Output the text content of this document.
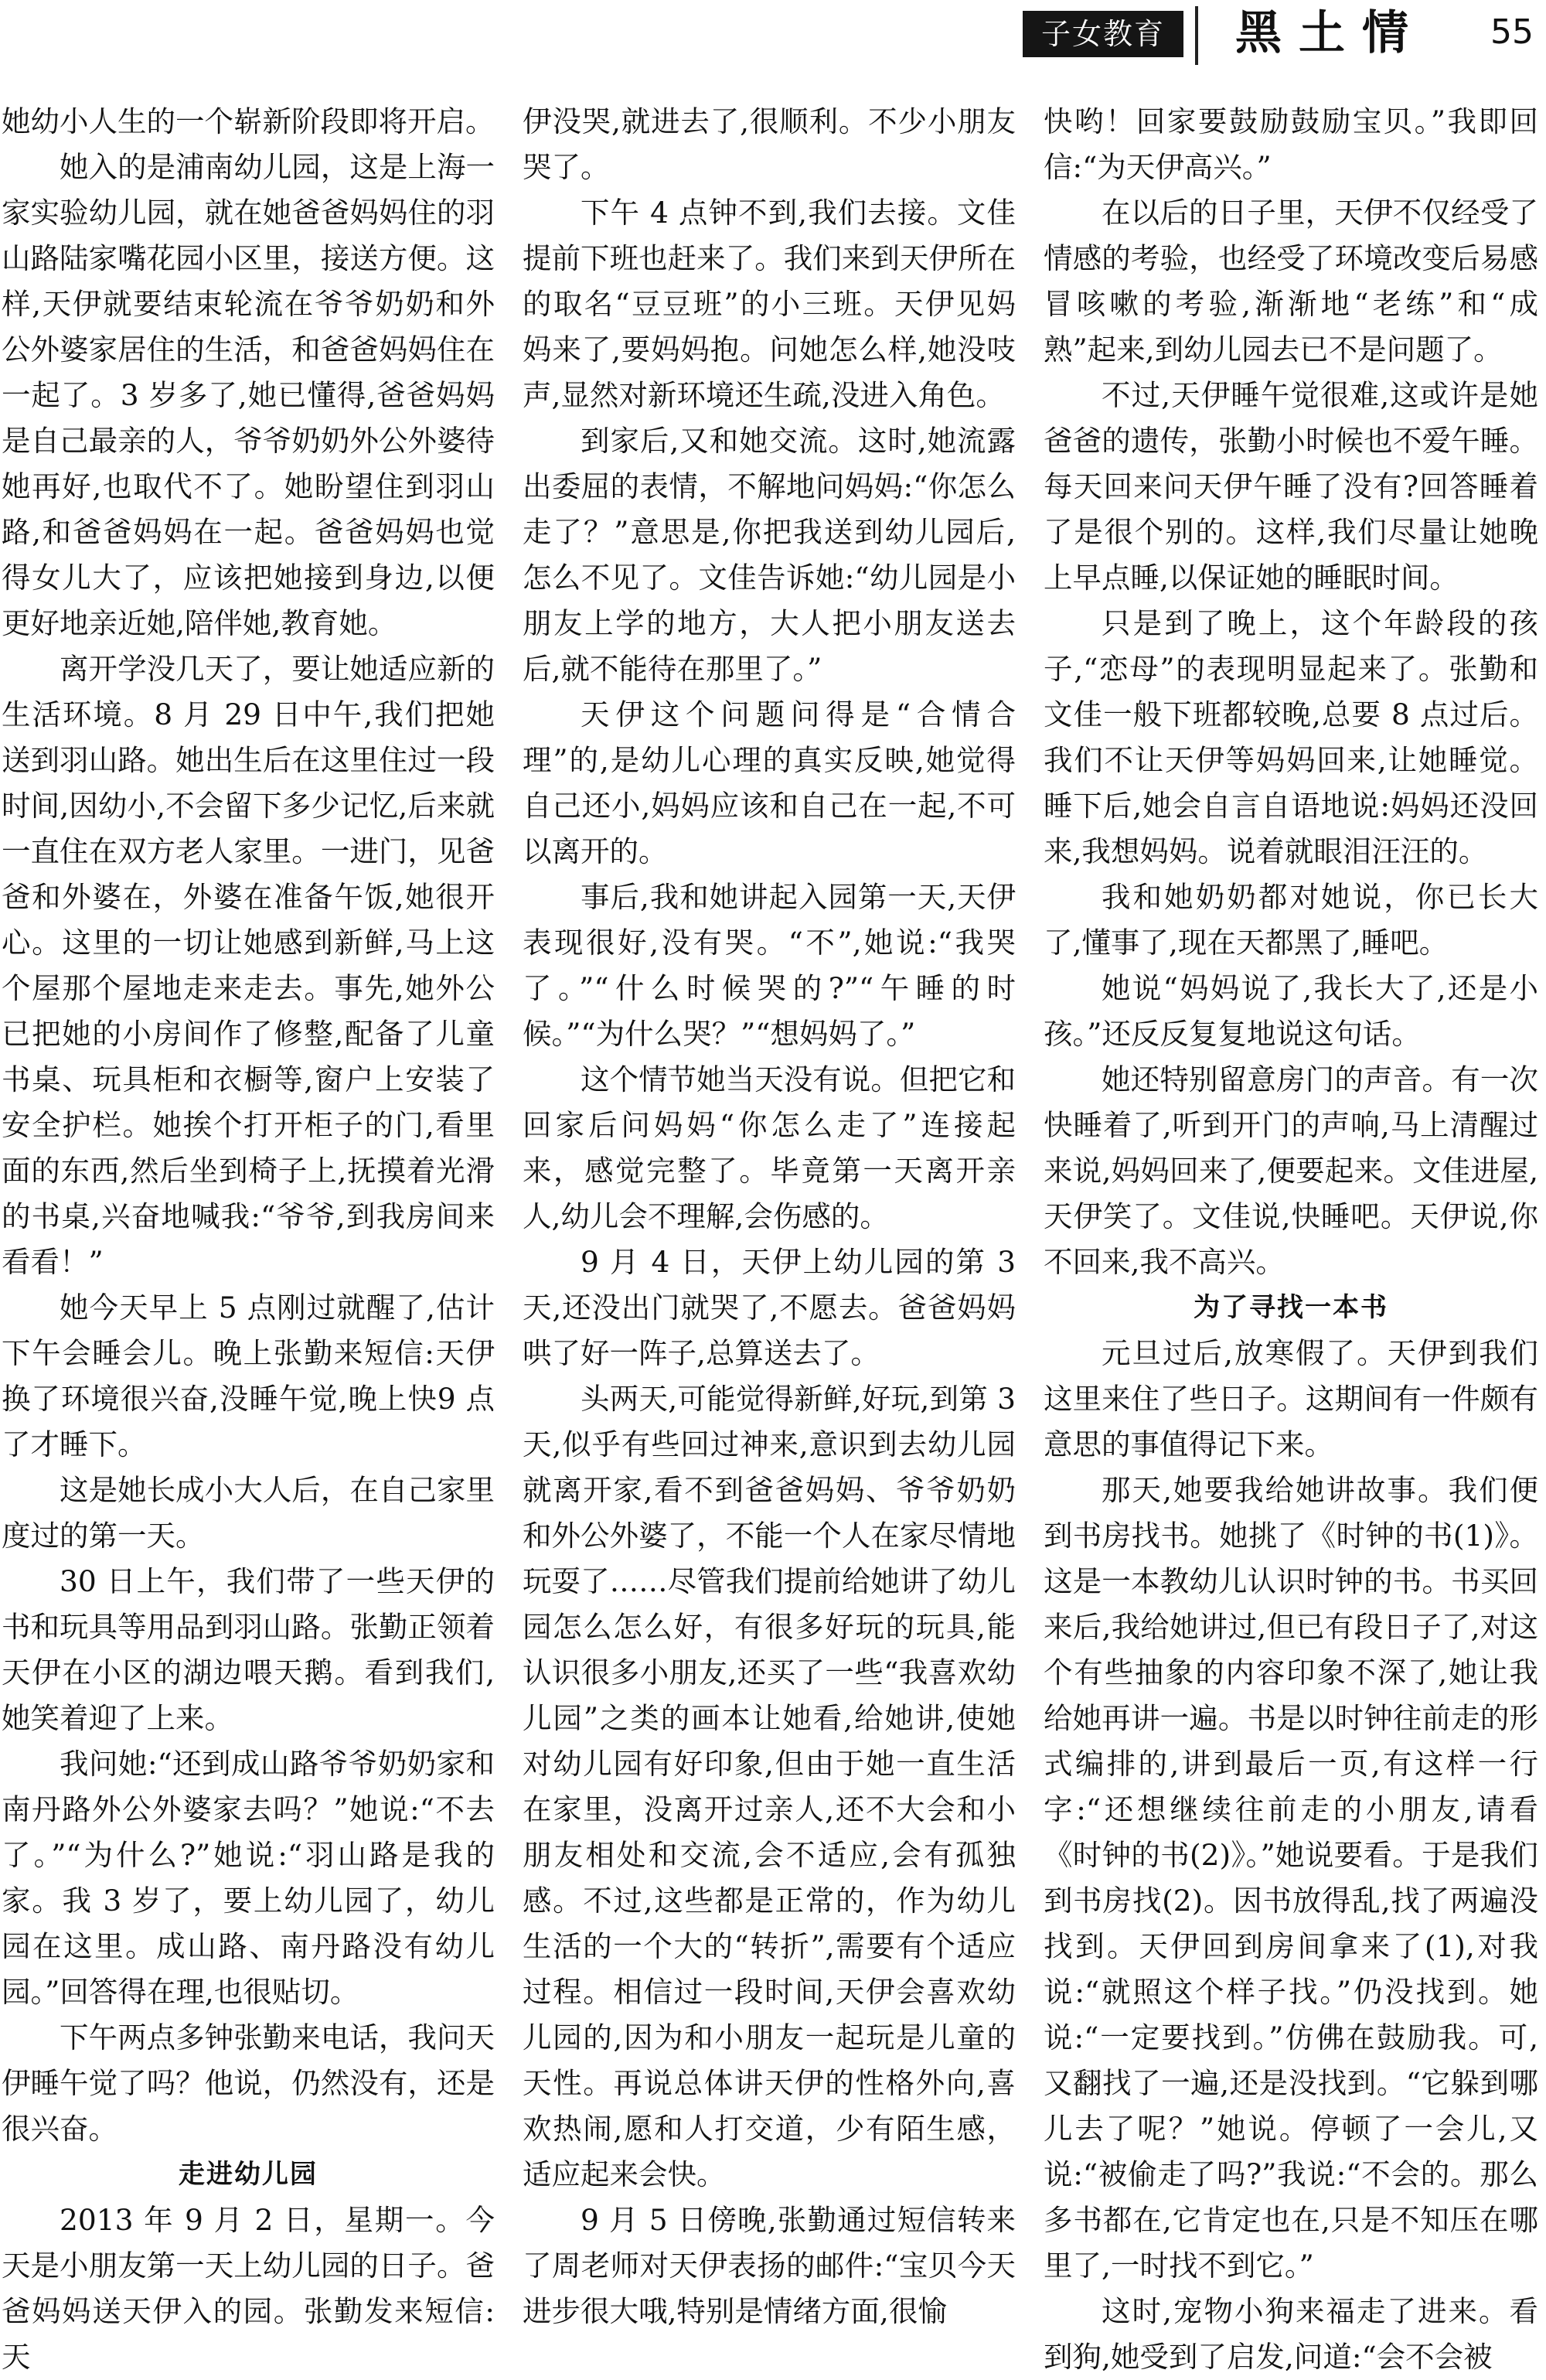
子女教育	黑土情 55

她幼小人生的一个崭新阶段即将开启。

她入的是浦南幼儿园，这是上海一家实验幼儿园，就在她爸爸妈妈住的羽山路陆家嘴花园小区里，接送方便。这样,天伊就要结束轮流在爷爷奶奶和外公外婆家居住的生活，和爸爸妈妈住在一起了。3 岁多了,她已懂得,爸爸妈妈是自己最亲的人，爷爷奶奶外公外婆待她再好,也取代不了。她盼望住到羽山路,和爸爸妈妈在一起。爸爸妈妈也觉得女儿大了，应该把她接到身边,以便更好地亲近她,陪伴她,教育她。

离开学没几天了，要让她适应新的生活环境。8 月 29 日中午,我们把她送到羽山路。她出生后在这里住过一段时间,因幼小,不会留下多少记忆,后来就一直住在双方老人家里。一进门，见爸爸和外婆在，外婆在准备午饭,她很开心。这里的一切让她感到新鲜,马上这个屋那个屋地走来走去。事先,她外公已把她的小房间作了修整,配备了儿童书桌、玩具柜和衣橱等,窗户上安装了安全护栏。她挨个打开柜子的门,看里面的东西,然后坐到椅子上,抚摸着光滑的书桌,兴奋地喊我:“爷爷,到我房间来看看！”

她今天早上 5 点刚过就醒了,估计下午会睡会儿。晚上张勤来短信:天伊换了环境很兴奋,没睡午觉,晚上快9 点了才睡下。

这是她长成小大人后，在自己家里度过的第一天。

30 日上午，我们带了一些天伊的书和玩具等用品到羽山路。张勤正领着天伊在小区的湖边喂天鹅。看到我们,她笑着迎了上来。

我问她:“还到成山路爷爷奶奶家和南丹路外公外婆家去吗？”她说:“不去了。”“为什么?”她说:“羽山路是我的家。我 3 岁了，要上幼儿园了，幼儿园在这里。成山路、南丹路没有幼儿园。”回答得在理,也很贴切。

下午两点多钟张勤来电话，我问天伊睡午觉了吗？他说，仍然没有，还是很兴奋。

走进幼儿园

2013 年 9 月 2 日，星期一。今天是小朋友第一天上幼儿园的日子。爸爸妈妈送天伊入的园。张勤发来短信:天

伊没哭,就进去了,很顺利。不少小朋友哭了。

下午 4 点钟不到,我们去接。文佳提前下班也赶来了。我们来到天伊所在的取名“豆豆班”的小三班。天伊见妈妈来了,要妈妈抱。问她怎么样,她没吱声,显然对新环境还生疏,没进入角色。

到家后,又和她交流。这时,她流露出委屈的表情，不解地问妈妈:“你怎么走了？”意思是,你把我送到幼儿园后,怎么不见了。文佳告诉她:“幼儿园是小朋友上学的地方，大人把小朋友送去后,就不能待在那里了。”

天伊这个问题问得是“合情合理”的,是幼儿心理的真实反映,她觉得自己还小,妈妈应该和自己在一起,不可以离开的。

事后,我和她讲起入园第一天,天伊表现很好,没有哭。“不”,她说:“我哭了。”“什么时候哭的?”“午睡的时候。”“为什么哭？”“想妈妈了。”

这个情节她当天没有说。但把它和回家后问妈妈“你怎么走了”连接起来，感觉完整了。毕竟第一天离开亲人,幼儿会不理解,会伤感的。

9 月 4 日，天伊上幼儿园的第 3 天,还没出门就哭了,不愿去。爸爸妈妈哄了好一阵子,总算送去了。

头两天,可能觉得新鲜,好玩,到第 3 天,似乎有些回过神来,意识到去幼儿园就离开家,看不到爸爸妈妈、爷爷奶奶和外公外婆了，不能一个人在家尽情地玩耍了……尽管我们提前给她讲了幼儿园怎么怎么好，有很多好玩的玩具,能认识很多小朋友,还买了一些“我喜欢幼儿园”之类的画本让她看,给她讲,使她对幼儿园有好印象,但由于她一直生活在家里，没离开过亲人,还不大会和小朋友相处和交流,会不适应,会有孤独感。不过,这些都是正常的，作为幼儿生活的一个大的“转折”,需要有个适应过程。相信过一段时间,天伊会喜欢幼儿园的,因为和小朋友一起玩是儿童的天性。再说总体讲天伊的性格外向,喜欢热闹,愿和人打交道，少有陌生感，适应起来会快。

9 月 5 日傍晚,张勤通过短信转来了周老师对天伊表扬的邮件:“宝贝今天进步很大哦,特别是情绪方面,很愉

快哟！回家要鼓励鼓励宝贝。”我即回信:“为天伊高兴。”

在以后的日子里，天伊不仅经受了情感的考验，也经受了环境改变后易感冒咳嗽的考验,渐渐地“老练”和“成熟”起来,到幼儿园去已不是问题了。

不过,天伊睡午觉很难,这或许是她爸爸的遗传，张勤小时候也不爱午睡。每天回来问天伊午睡了没有?回答睡着了是很个别的。这样,我们尽量让她晚上早点睡,以保证她的睡眠时间。

只是到了晚上，这个年龄段的孩子,“恋母”的表现明显起来了。张勤和文佳一般下班都较晚,总要 8 点过后。我们不让天伊等妈妈回来,让她睡觉。睡下后,她会自言自语地说:妈妈还没回来,我想妈妈。说着就眼泪汪汪的。

我和她奶奶都对她说，你已长大了,懂事了,现在天都黑了,睡吧。

她说“妈妈说了,我长大了,还是小孩。”还反反复复地说这句话。

她还特别留意房门的声音。有一次快睡着了,听到开门的声响,马上清醒过来说,妈妈回来了,便要起来。文佳进屋,天伊笑了。文佳说,快睡吧。天伊说,你不回来,我不高兴。

为了寻找一本书

元旦过后,放寒假了。天伊到我们这里来住了些日子。这期间有一件颇有意思的事值得记下来。

那天,她要我给她讲故事。我们便到书房找书。她挑了《时钟的书(1)》。这是一本教幼儿认识时钟的书。书买回来后,我给她讲过,但已有段日子了,对这个有些抽象的内容印象不深了,她让我给她再讲一遍。书是以时钟往前走的形式编排的,讲到最后一页,有这样一行字:“还想继续往前走的小朋友,请看《时钟的书(2)》。”她说要看。于是我们到书房找(2)。因书放得乱,找了两遍没找到。天伊回到房间拿来了(1),对我说:“就照这个样子找。”仍没找到。她说:“一定要找到。”仿佛在鼓励我。可,又翻找了一遍,还是没找到。“它躲到哪儿去了呢？”她说。停顿了一会儿,又说:“被偷走了吗?”我说:“不会的。那么多书都在,它肯定也在,只是不知压在哪里了,一时找不到它。”

这时,宠物小狗来福走了进来。看到狗,她受到了启发,问道:“会不会被
